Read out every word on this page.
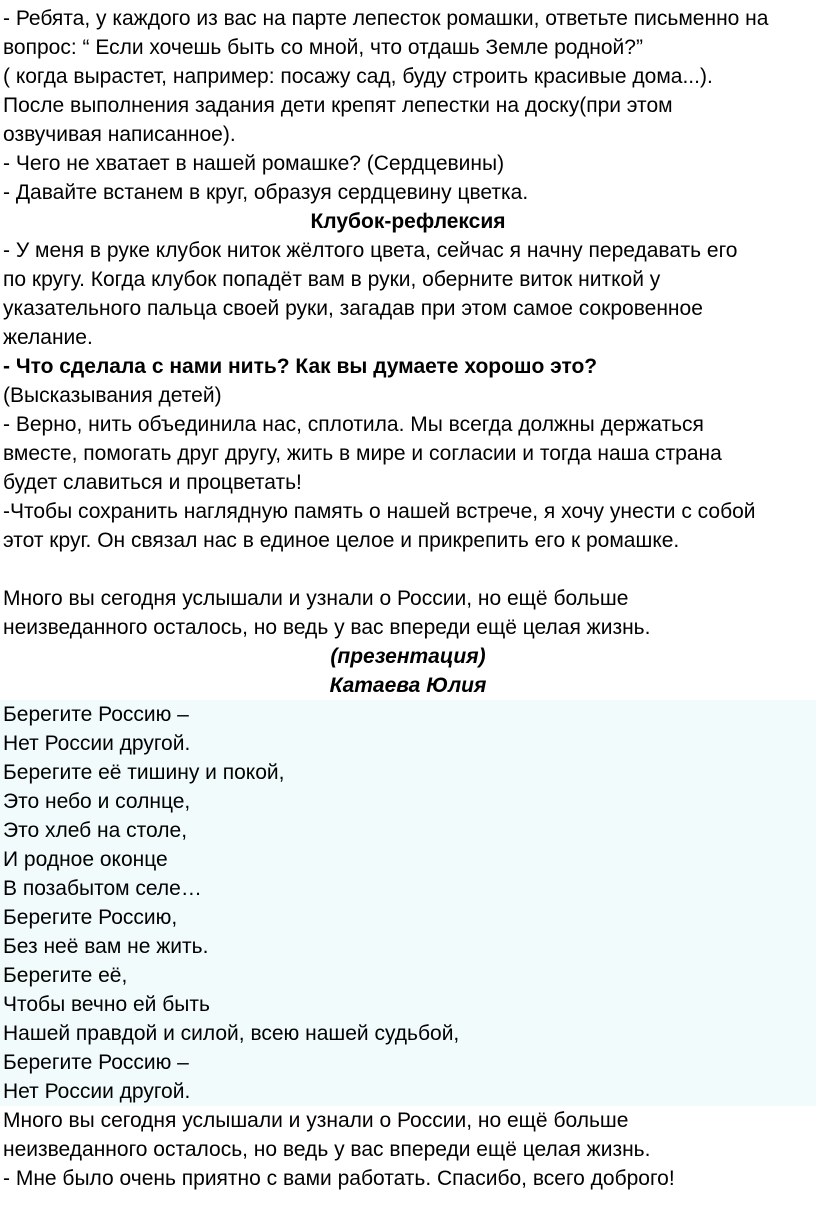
- Ребята, у каждого из вас на парте лепесток ромашки, ответьте письменно на
вопрос: “ Если хочешь быть со мной, что отдашь Земле родной?”
( когда вырастет, например: посажу сад, буду строить красивые дома...).
После выполнения задания дети крепят лепестки на доску(при этом
озвучивая написанное).
- Чего не хватает в нашей ромашке? (Сердцевины)
- Давайте встанем в круг, образуя сердцевину цветка.
Клубок-рефлексия
- У меня в руке клубок ниток жёлтого цвета, сейчас я начну передавать его
по кругу. Когда клубок попадёт вам в руки, оберните виток ниткой у
указательного пальца своей руки, загадав при этом самое сокровенное
желание.
- Что сделала с нами нить? Как вы думаете хорошо это?
(Высказывания детей)
- Верно, нить объединила нас, сплотила. Мы всегда должны держаться
вместе, помогать друг другу, жить в мире и согласии и тогда наша страна
будет славиться и процветать!
-Чтобы сохранить наглядную память о нашей встрече, я хочу унести с собой
этот круг. Он связал нас в единое целое и прикрепить его к ромашке.
Много вы сегодня услышали и узнали о России, но ещё больше
неизведанного осталось, но ведь у вас впереди ещё целая жизнь.
(презентация)
Катаева Юлия
Берегите Россию –
Нет России другой.
Берегите её тишину и покой,
Это небо и солнце,
Это хлеб на столе,
И родное оконце
В позабытом селе…
Берегите Россию,
Без неё вам не жить.
Берегите её,
Чтобы вечно ей быть
Нашей правдой и силой, всею нашей судьбой,
Берегите Россию –
Нет России другой.
Много вы сегодня услышали и узнали о России, но ещё больше
неизведанного осталось, но ведь у вас впереди ещё целая жизнь.
- Мне было очень приятно с вами работать. Спасибо, всего доброго!
